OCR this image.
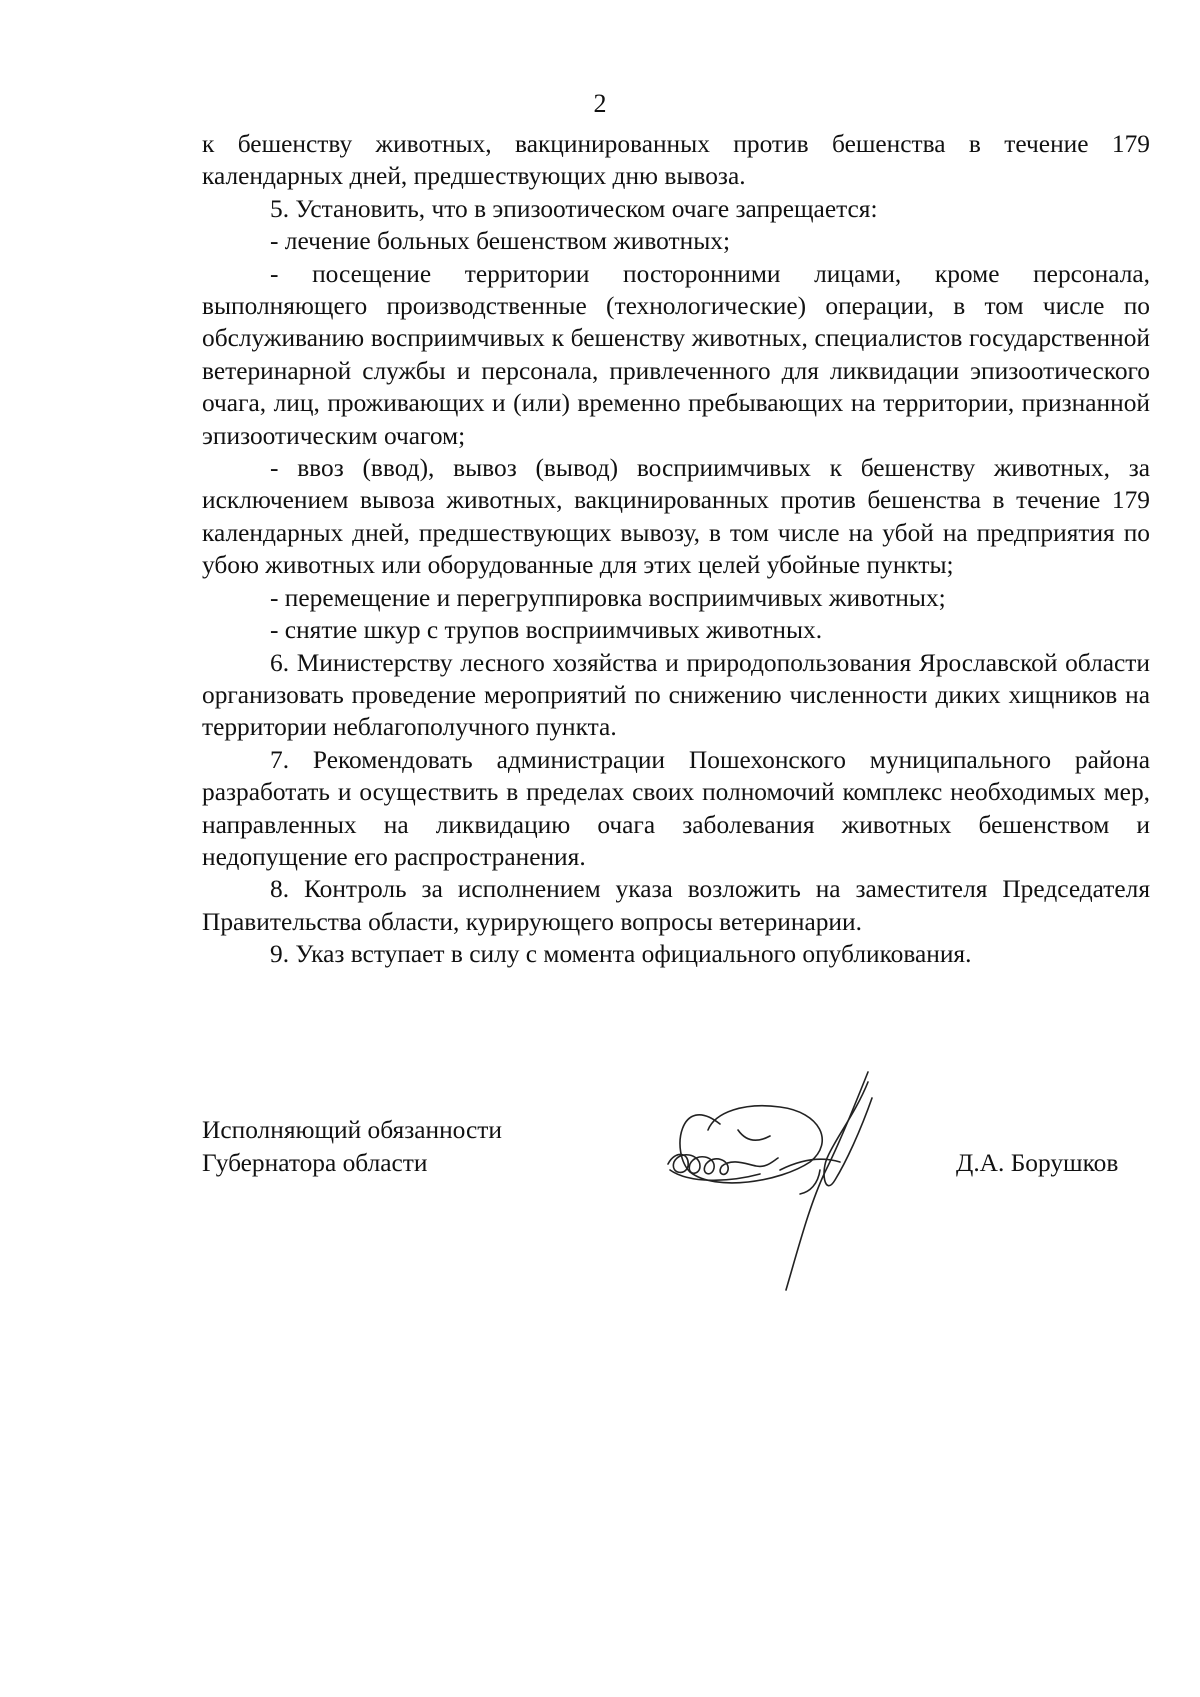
2

к бешенству животных, вакцинированных против бешенства в течение 179 календарных дней, предшествующих дню вывоза.

5. Установить, что в эпизоотическом очаге запрещается:

- лечение больных бешенством животных;

- посещение территории посторонними лицами, кроме персонала, выполняющего производственные (технологические) операции, в том числе по обслуживанию восприимчивых к бешенству животных, специалистов государственной ветеринарной службы и персонала, привлеченного для ликвидации эпизоотического очага, лиц, проживающих и (или) временно пребывающих на территории, признанной эпизоотическим очагом;

- ввоз (ввод), вывоз (вывод) восприимчивых к бешенству животных, за исключением вывоза животных, вакцинированных против бешенства в течение 179 календарных дней, предшествующих вывозу, в том числе на убой на предприятия по убою животных или оборудованные для этих целей убойные пункты;

- перемещение и перегруппировка восприимчивых животных;

- снятие шкур с трупов восприимчивых животных.

6. Министерству лесного хозяйства и природопользования Ярославской области организовать проведение мероприятий по снижению численности диких хищников на территории неблагополучного пункта.

7. Рекомендовать администрации Пошехонского муниципального района разработать и осуществить в пределах своих полномочий комплекс необходимых мер, направленных на ликвидацию очага заболевания животных бешенством и недопущение его распространения.

8. Контроль за исполнением указа возложить на заместителя Председателя Правительства области, курирующего вопросы ветеринарии.

9. Указ вступает в силу с момента официального опубликования.

Исполняющий обязанности
Губернатора области	Д.А. Борушков
